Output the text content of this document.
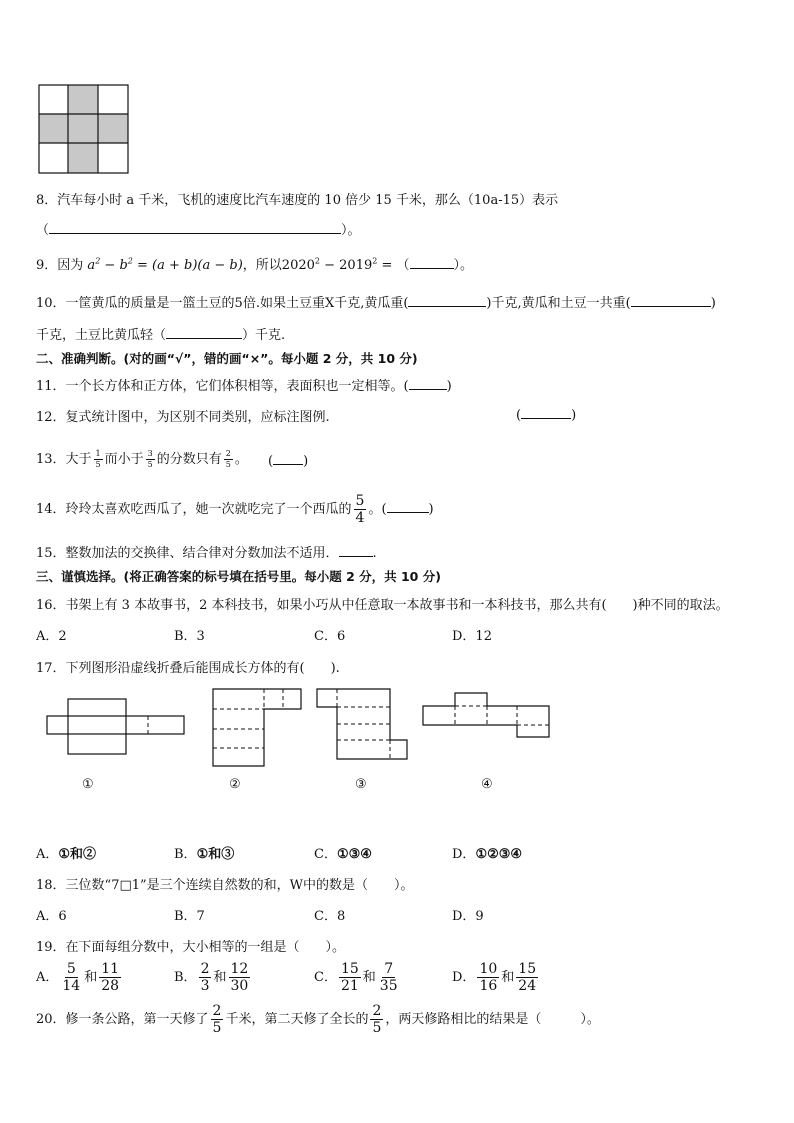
8．汽车每小时 a 千米，飞机的速度比汽车速度的 10 倍少 15 千米，那么（10a-15）表示
（	）。
9．因为 $a^2 - b^2 = (a + b)(a - b)$，所以$2020^2 - 2019^2$ = （	）。
10．一筐黄瓜的质量是一篮土豆的5倍.如果土豆重X千克,黄瓜重(	)千克,黄瓜和土豆一共重(	)
千克，土豆比黄瓜轻（	）千克.
二、准确判断。(对的画“√”，错的画“×”。每小题 2 分，共 10 分)
11．一个长方体和正方体，它们体积相等，表面积也一定相等。(	)
12．复式统计图中，为区别不同类别，应标注图例.	(	)
13．大于 $\frac{1}{5}$ 而小于 $\frac{3}{5}$ 的分数只有 $\frac{2}{5}$ 。 ( )
14．玲玲太喜欢吃西瓜了，她一次就吃完了一个西瓜的 $\frac{5}{4}$ 。(	)
15．整数加法的交换律、结合律对分数加法不适用．	.
三、谨慎选择。(将正确答案的标号填在括号里。每小题 2 分，共 10 分)
16．书架上有 3 本故事书，2 本科技书，如果小巧从中任意取一本故事书和一本科技书，那么共有(　　)种不同的取法。
A．2	B．3	C．6	D．12
17．下列图形沿虚线折叠后能围成长方体的有(　　).
①	②	③	④
A．①和②	B．①和③	C．①③④	D．①②③④
18．三位数“7□1”是三个连续自然数的和，W中的数是（　　）。
A．6	B．7	C．8	D．9
19．在下面每组分数中，大小相等的一组是（　　）。
A． $\frac{5}{14}$ 和 $\frac{11}{28}$	B． $\frac{2}{3}$ 和 $\frac{12}{30}$	C． $\frac{15}{21}$ 和 $\frac{7}{35}$	D． $\frac{10}{16}$ 和 $\frac{15}{24}$
20．修一条公路，第一天修了 $\frac{2}{5}$ 千米，第二天修了全长的 $\frac{2}{5}$ ，两天修路相比的结果是（　　　）。
